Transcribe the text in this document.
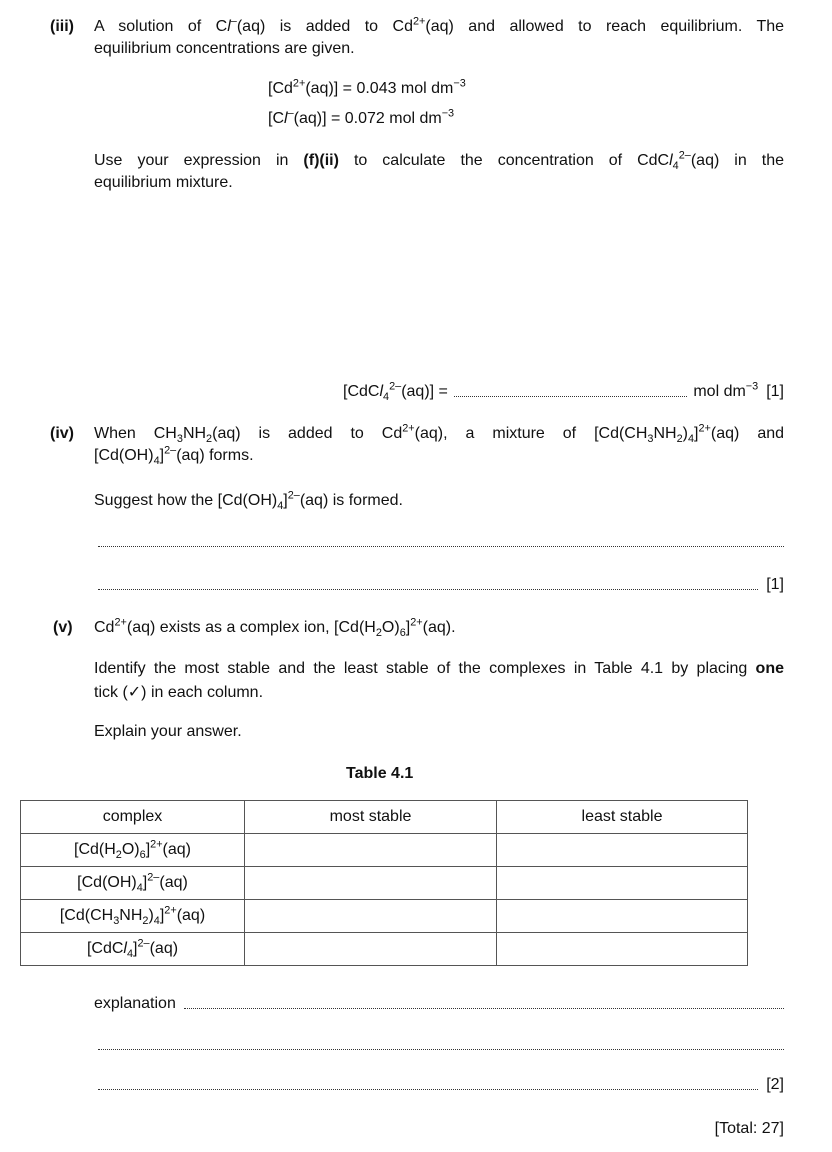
(iii) A solution of Cl–(aq) is added to $Cd^{2+}(aq)$ and allowed to reach equilibrium. The
equilibrium concentrations are given.
$[Cd^{2+}(aq)] = 0.043$ mol $dm^{-3}$
[Cl–(aq)] = 0.072 mol $dm^{-3}$
Use your expression in (f)(ii) to calculate the concentration of CdCl$_4^{2-}$(aq) in the
equilibrium mixture.
[CdCl$_4^{2-}$(aq)] =	mol $dm^{-3}$ [1]
(iv) When $CH_3NH_2(aq)$ is added to $Cd^{2+}(aq)$, a mixture of $[Cd(CH_3NH_2)_4]^{2+}(aq)$ and
$[Cd(OH)_4]^{2-}(aq)$ forms.
Suggest how the $[Cd(OH)_4]^{2-}(aq)$ is formed.
[1]
(v) $Cd^{2+}(aq)$ exists as a complex ion, $[Cd(H_2O)_6]^{2+}(aq)$.
Identify the most stable and the least stable of the complexes in Table 4.1 by placing one
tick (✓) in each column.
Explain your answer.
Table 4.1
complex	most stable	least stable
$[Cd(H_2O)_6]^{2+}(aq)$		
$[Cd(OH)_4]^{2-}(aq)$		
$[Cd(CH_3NH_2)_4]^{2+}(aq)$		
[CdCl$_4$]$^{2-}$(aq)		
explanation
[2]
[Total: 27]
